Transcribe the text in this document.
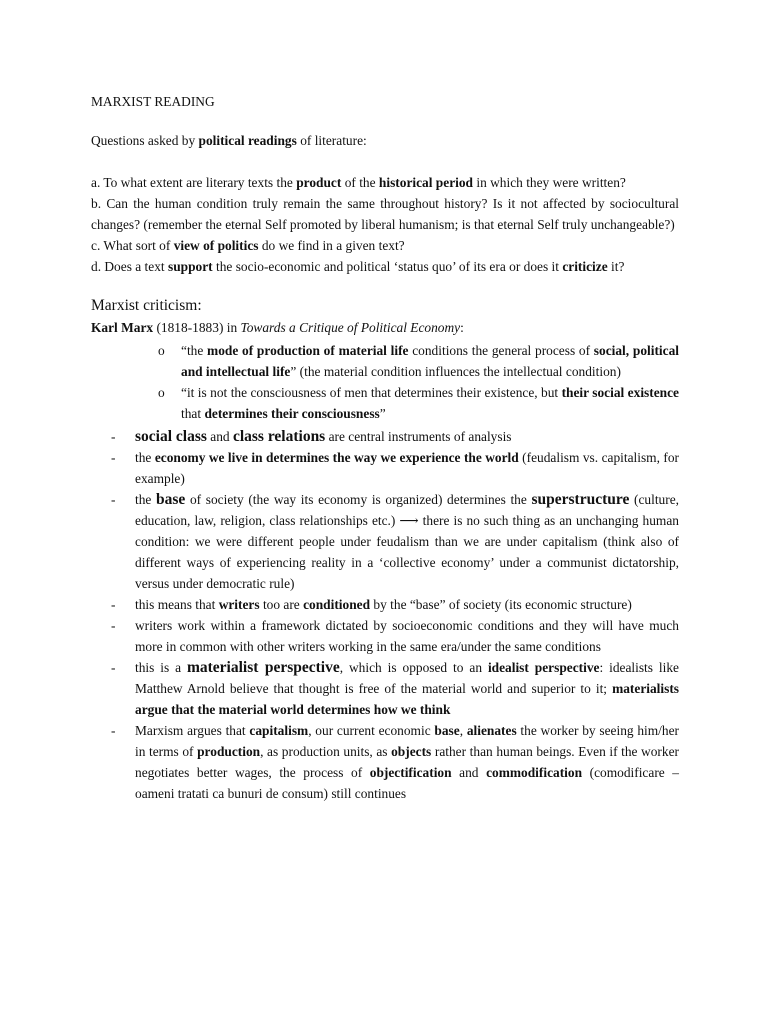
MARXIST READING

Questions asked by political readings of literature:

a. To what extent are literary texts the product of the historical period in which they were written?

b. Can the human condition truly remain the same throughout history? Is it not affected by sociocultural changes? (remember the eternal Self promoted by liberal humanism; is that eternal Self truly unchangeable?)

c. What sort of view of politics do we find in a given text?

d. Does a text support the socio-economic and political ‘status quo’ of its era or does it criticize it?

Marxist criticism:

Karl Marx (1818-1883) in Towards a Critique of Political Economy:

o “the mode of production of material life conditions the general process of social, political and intellectual life” (the material condition influences the intellectual condition)
o “it is not the consciousness of men that determines their existence, but their social existence that determines their consciousness”
- social class and class relations are central instruments of analysis
- the economy we live in determines the way we experience the world (feudalism vs. capitalism, for example)
- the base of society (the way its economy is organized) determines the superstructure (culture, education, law, religion, class relationships etc.) ⟶ there is no such thing as an unchanging human condition: we were different people under feudalism than we are under capitalism (think also of different ways of experiencing reality in a ‘collective economy’ under a communist dictatorship, versus under democratic rule)
- this means that writers too are conditioned by the “base” of society (its economic structure)
- writers work within a framework dictated by socioeconomic conditions and they will have much more in common with other writers working in the same era/under the same conditions
- this is a materialist perspective, which is opposed to an idealist perspective: idealists like Matthew Arnold believe that thought is free of the material world and superior to it; materialists argue that the material world determines how we think
- Marxism argues that capitalism, our current economic base, alienates the worker by seeing him/her in terms of production, as production units, as objects rather than human beings. Even if the worker negotiates better wages, the process of objectification and commodification (comodificare – oameni tratati ca bunuri de consum) still continues
